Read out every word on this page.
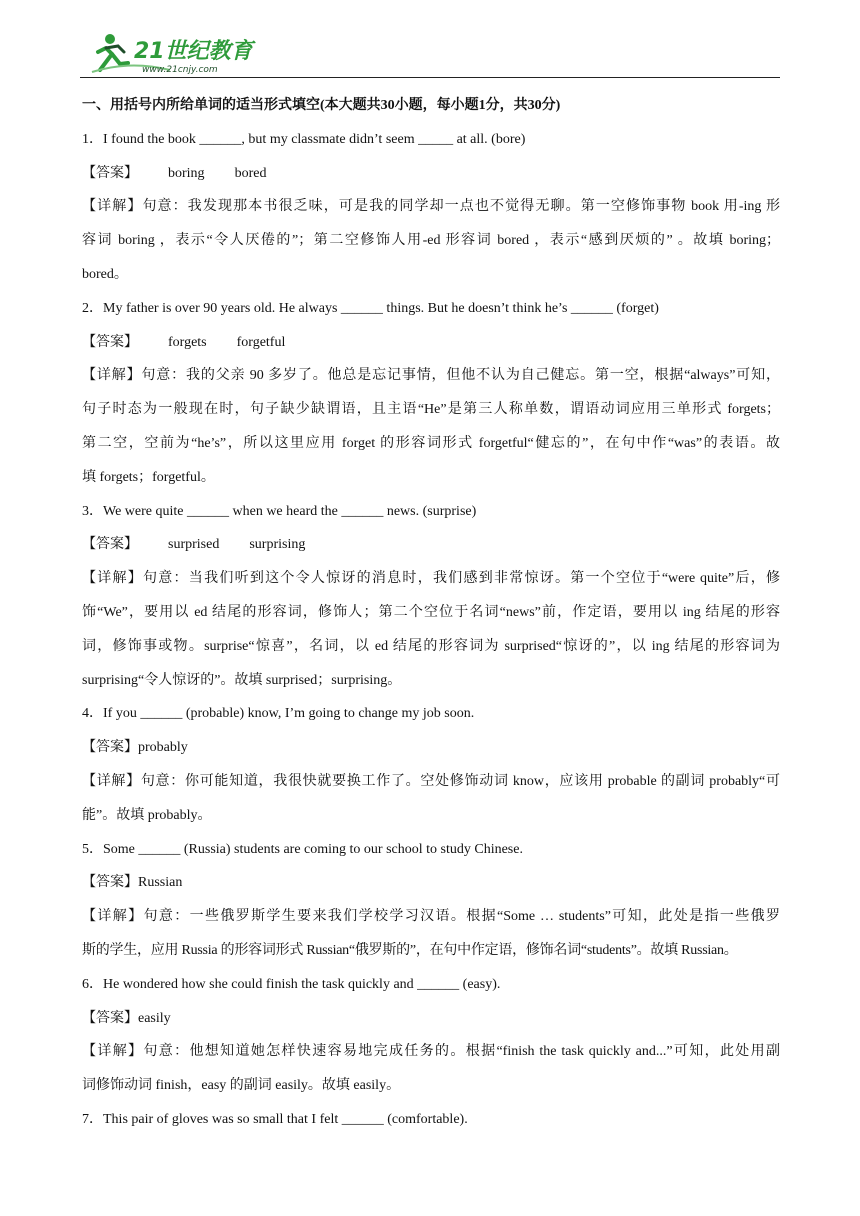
21世纪教育
www.21cnjy.com
一、用括号内所给单词的适当形式填空(本大题共30小题，每小题1分，共30分)
1．I found the book ______, but my classmate didn’t seem _____ at all. (bore)
【答案】 boring bored
【详解】句意：我发现那本书很乏味，可是我的同学却一点也不觉得无聊。第一空修饰事物 book 用-ing 形
容词 boring ，表示“令人厌倦的”；第二空修饰人用-ed 形容词 bored ，表示“感到厌烦的” 。故填 boring；
bored。
2．My father is over 90 years old. He always ______ things. But he doesn’t think he’s ______ (forget)
【答案】 forgets forgetful
【详解】句意：我的父亲 90 多岁了。他总是忘记事情，但他不认为自己健忘。第一空，根据“always”可知，
句子时态为一般现在时，句子缺少缺谓语，且主语“He”是第三人称单数，谓语动词应用三单形式 forgets；
第二空，空前为“he’s”，所以这里应用 forget 的形容词形式 forgetful“健忘的”，在句中作“was”的表语。故
填 forgets；forgetful。
3．We were quite ______ when we heard the ______ news. (surprise)
【答案】 surprised surprising
【详解】句意：当我们听到这个令人惊讶的消息时，我们感到非常惊讶。第一个空位于“were quite”后，修
饰“We”，要用以 ed 结尾的形容词，修饰人；第二个空位于名词“news”前，作定语，要用以 ing 结尾的形容
词，修饰事或物。surprise“惊喜”，名词，以 ed 结尾的形容词为 surprised“惊讶的”，以 ing 结尾的形容词为
surprising“令人惊讶的”。故填 surprised；surprising。
4．If you ______ (probable) know, I’m going to change my job soon.
【答案】probably
【详解】句意：你可能知道，我很快就要换工作了。空处修饰动词 know，应该用 probable 的副词 probably“可
能”。故填 probably。
5．Some ______ (Russia) students are coming to our school to study Chinese.
【答案】Russian
【详解】句意：一些俄罗斯学生要来我们学校学习汉语。根据“Some … students”可知，此处是指一些俄罗
斯的学生，应用 Russia 的形容词形式 Russian“俄罗斯的”，在句中作定语，修饰名词“students”。故填 Russian。
6．He wondered how she could finish the task quickly and ______ (easy).
【答案】easily
【详解】句意：他想知道她怎样快速容易地完成任务的。根据“finish the task quickly and...”可知，此处用副
词修饰动词 finish，easy 的副词 easily。故填 easily。
7．This pair of gloves was so small that I felt ______ (comfortable).
